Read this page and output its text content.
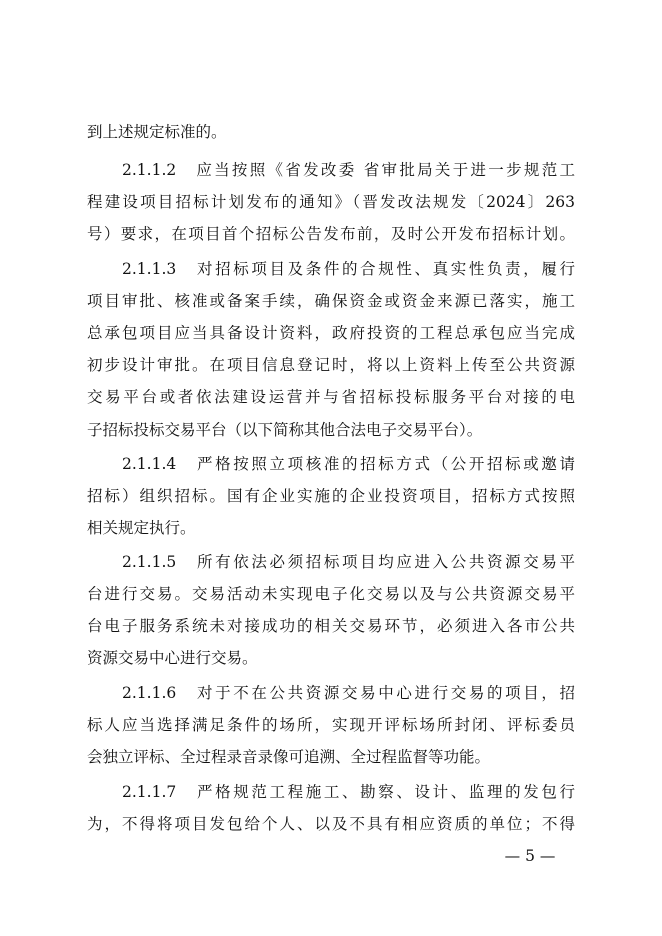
到上述规定标准的。
2.1.1.2　应当按照《省发改委 省审批局关于进一步规范工
程建设项目招标计划发布的通知》（晋发改法规发〔2024〕263
号）要求，在项目首个招标公告发布前，及时公开发布招标计划。
2.1.1.3　对招标项目及条件的合规性、真实性负责，履行
项目审批、核准或备案手续，确保资金或资金来源已落实，施工
总承包项目应当具备设计资料，政府投资的工程总承包应当完成
初步设计审批。在项目信息登记时，将以上资料上传至公共资源
交易平台或者依法建设运营并与省招标投标服务平台对接的电
子招标投标交易平台（以下简称其他合法电子交易平台）。
2.1.1.4　严格按照立项核准的招标方式（公开招标或邀请
招标）组织招标。国有企业实施的企业投资项目，招标方式按照
相关规定执行。
2.1.1.5　所有依法必须招标项目均应进入公共资源交易平
台进行交易。交易活动未实现电子化交易以及与公共资源交易平
台电子服务系统未对接成功的相关交易环节，必须进入各市公共
资源交易中心进行交易。
2.1.1.6　对于不在公共资源交易中心进行交易的项目，招
标人应当选择满足条件的场所，实现开评标场所封闭、评标委员
会独立评标、全过程录音录像可追溯、全过程监督等功能。
2.1.1.7　严格规范工程施工、勘察、设计、监理的发包行
为，不得将项目发包给个人、以及不具有相应资质的单位；不得
— 5 —
